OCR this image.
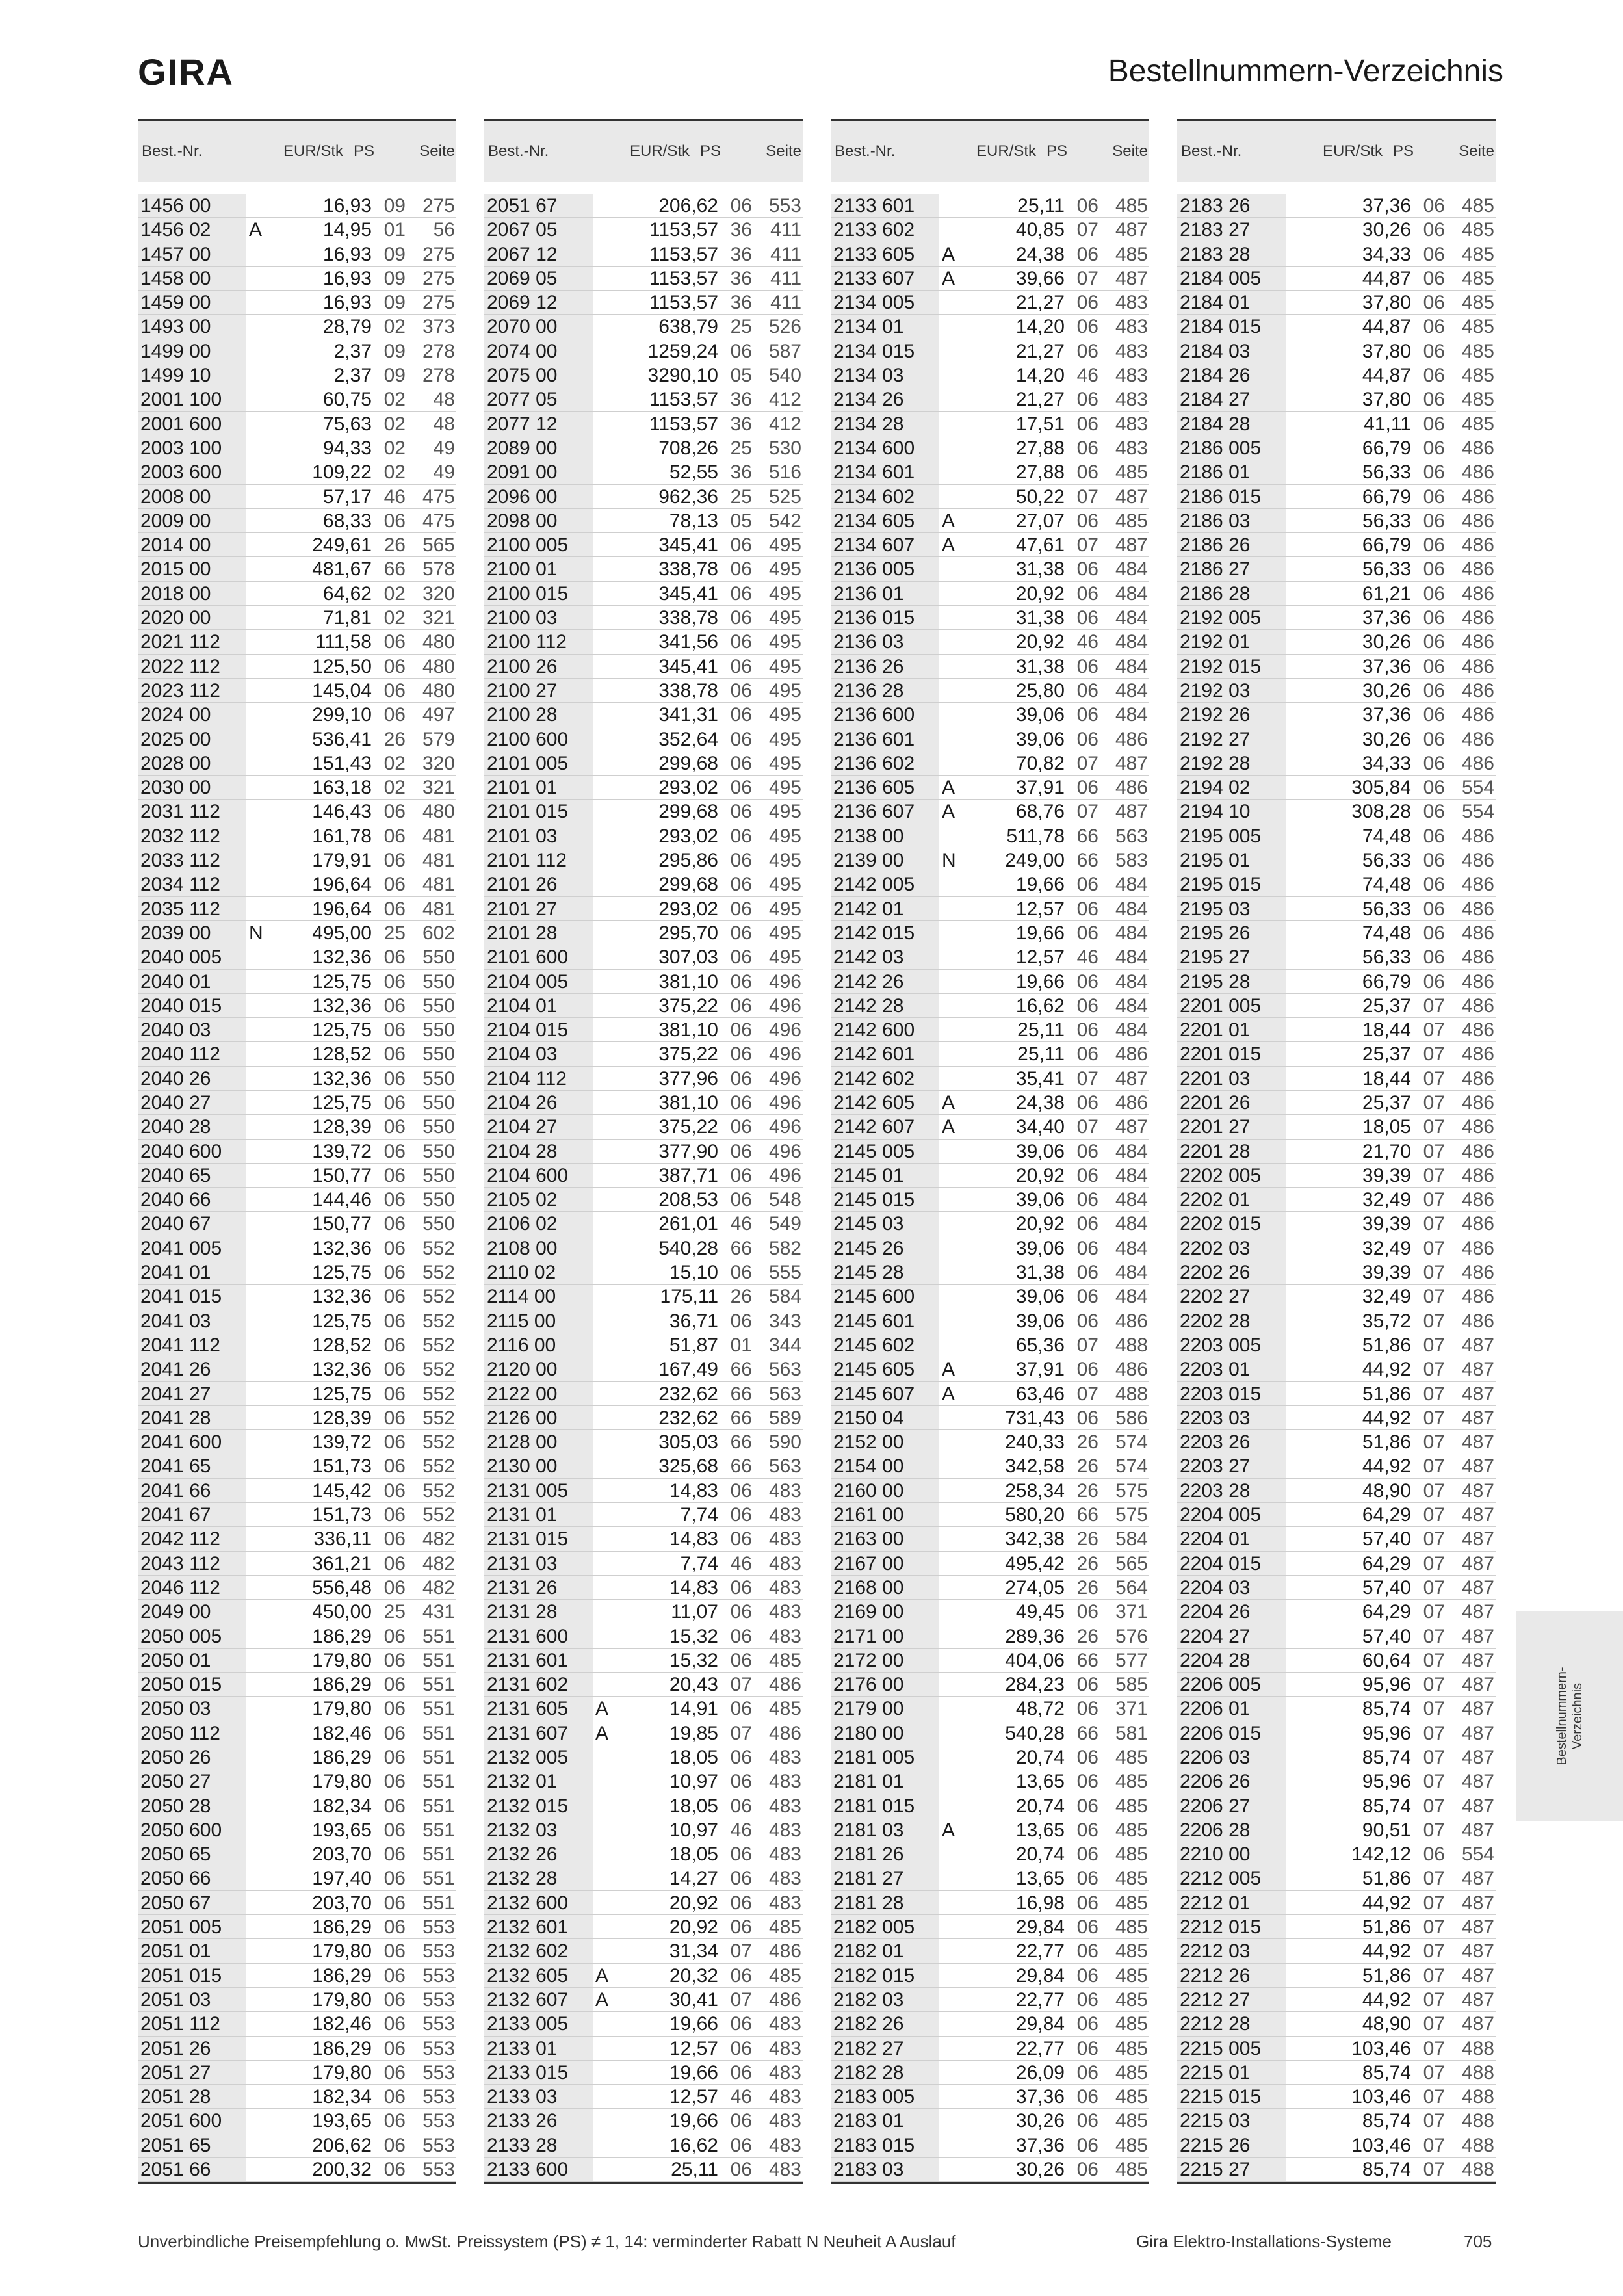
GIRA	Bestellnummern-Verzeichnis
Best.-Nr.	EUR/Stk PS	Seite
1456 00	16,93 09 275
1456 02	A	14,95 01	56
1457 00	16,93 09 275
1458 00	16,93 09 275
1459 00	16,93 09 275
1493 00	28,79 02 373
1499 00	2,37 09 278
1499 10	2,37 09 278
2001 100	60,75 02	48
2001 600	75,63 02	48
2003 100	94,33 02	49
2003 600	109,22 02	49
2008 00	57,17 46 475
2009 00	68,33 06 475
2014 00	249,61 26 565
2015 00	481,67 66 578
2018 00	64,62 02 320
2020 00	71,81 02 321
2021 112	111,58 06 480
2022 112	125,50 06 480
2023 112	145,04 06 480
2024 00	299,10 06 497
2025 00	536,41 26 579
2028 00	151,43 02 320
2030 00	163,18 02 321
2031 112	146,43 06 480
2032 112	161,78 06 481
2033 112	179,91 06 481
2034 112	196,64 06 481
2035 112	196,64 06 481
2039 00	N	495,00 25 602
2040 005	132,36 06 550
2040 01	125,75 06 550
2040 015	132,36 06 550
2040 03	125,75 06 550
2040 112	128,52 06 550
2040 26	132,36 06 550
2040 27	125,75 06 550
2040 28	128,39 06 550
2040 600	139,72 06 550
2040 65	150,77 06 550
2040 66	144,46 06 550
2040 67	150,77 06 550
2041 005	132,36 06 552
2041 01	125,75 06 552
2041 015	132,36 06 552
2041 03	125,75 06 552
2041 112	128,52 06 552
2041 26	132,36 06 552
2041 27	125,75 06 552
2041 28	128,39 06 552
2041 600	139,72 06 552
2041 65	151,73 06 552
2041 66	145,42 06 552
2041 67	151,73 06 552
2042 112	336,11 06 482
2043 112	361,21 06 482
2046 112	556,48 06 482
2049 00	450,00 25 431
2050 005	186,29 06 551
2050 01	179,80 06 551
2050 015	186,29 06 551
2050 03	179,80 06 551
2050 112	182,46 06 551
2050 26	186,29 06 551
2050 27	179,80 06 551
2050 28	182,34 06 551
2050 600	193,65 06 551
2050 65	203,70 06 551
2050 66	197,40 06 551
2050 67	203,70 06 551
2051 005	186,29 06 553
2051 01	179,80 06 553
2051 015	186,29 06 553
2051 03	179,80 06 553
2051 112	182,46 06 553
2051 26	186,29 06 553
2051 27	179,80 06 553
2051 28	182,34 06 553
2051 600	193,65 06 553
2051 65	206,62 06 553
2051 66	200,32 06 553
Best.-Nr.	EUR/Stk PS	Seite
2051 67	206,62 06 553
2067 05	1153,57 36 411
2067 12	1153,57 36 411
2069 05	1153,57 36 411
2069 12	1153,57 36 411
2070 00	638,79 25 526
2074 00	1259,24 06 587
2075 00	3290,10 05 540
2077 05	1153,57 36 412
2077 12	1153,57 36 412
2089 00	708,26 25 530
2091 00	52,55 36 516
2096 00	962,36 25 525
2098 00	78,13 05 542
2100 005	345,41 06 495
2100 01	338,78 06 495
2100 015	345,41 06 495
2100 03	338,78 06 495
2100 112	341,56 06 495
2100 26	345,41 06 495
2100 27	338,78 06 495
2100 28	341,31 06 495
2100 600	352,64 06 495
2101 005	299,68 06 495
2101 01	293,02 06 495
2101 015	299,68 06 495
2101 03	293,02 06 495
2101 112	295,86 06 495
2101 26	299,68 06 495
2101 27	293,02 06 495
2101 28	295,70 06 495
2101 600	307,03 06 495
2104 005	381,10 06 496
2104 01	375,22 06 496
2104 015	381,10 06 496
2104 03	375,22 06 496
2104 112	377,96 06 496
2104 26	381,10 06 496
2104 27	375,22 06 496
2104 28	377,90 06 496
2104 600	387,71 06 496
2105 02	208,53 06 548
2106 02	261,01 46 549
2108 00	540,28 66 582
2110 02	15,10 06 555
2114 00	175,11 26 584
2115 00	36,71 06 343
2116 00	51,87 01 344
2120 00	167,49 66 563
2122 00	232,62 66 563
2126 00	232,62 66 589
2128 00	305,03 66 590
2130 00	325,68 66 563
2131 005	14,83 06 483
2131 01	7,74 06 483
2131 015	14,83 06 483
2131 03	7,74 46 483
2131 26	14,83 06 483
2131 28	11,07 06 483
2131 600	15,32 06 483
2131 601	15,32 06 485
2131 602	20,43 07 486
2131 605	A	14,91 06 485
2131 607	A	19,85 07 486
2132 005	18,05 06 483
2132 01	10,97 06 483
2132 015	18,05 06 483
2132 03	10,97 46 483
2132 26	18,05 06 483
2132 28	14,27 06 483
2132 600	20,92 06 483
2132 601	20,92 06 485
2132 602	31,34 07 486
2132 605	A	20,32 06 485
2132 607	A	30,41 07 486
2133 005	19,66 06 483
2133 01	12,57 06 483
2133 015	19,66 06 483
2133 03	12,57 46 483
2133 26	19,66 06 483
2133 28	16,62 06 483
2133 600	25,11 06 483
Best.-Nr.	EUR/Stk PS	Seite
2133 601	25,11 06 485
2133 602	40,85 07 487
2133 605	A	24,38 06 485
2133 607	A	39,66 07 487
2134 005	21,27 06 483
2134 01	14,20 06 483
2134 015	21,27 06 483
2134 03	14,20 46 483
2134 26	21,27 06 483
2134 28	17,51 06 483
2134 600	27,88 06 483
2134 601	27,88 06 485
2134 602	50,22 07 487
2134 605	A	27,07 06 485
2134 607	A	47,61 07 487
2136 005	31,38 06 484
2136 01	20,92 06 484
2136 015	31,38 06 484
2136 03	20,92 46 484
2136 26	31,38 06 484
2136 28	25,80 06 484
2136 600	39,06 06 484
2136 601	39,06 06 486
2136 602	70,82 07 487
2136 605	A	37,91 06 486
2136 607	A	68,76 07 487
2138 00	511,78 66 563
2139 00	N	249,00 66 583
2142 005	19,66 06 484
2142 01	12,57 06 484
2142 015	19,66 06 484
2142 03	12,57 46 484
2142 26	19,66 06 484
2142 28	16,62 06 484
2142 600	25,11 06 484
2142 601	25,11 06 486
2142 602	35,41 07 487
2142 605	A	24,38 06 486
2142 607	A	34,40 07 487
2145 005	39,06 06 484
2145 01	20,92 06 484
2145 015	39,06 06 484
2145 03	20,92 06 484
2145 26	39,06 06 484
2145 28	31,38 06 484
2145 600	39,06 06 484
2145 601	39,06 06 486
2145 602	65,36 07 488
2145 605	A	37,91 06 486
2145 607	A	63,46 07 488
2150 04	731,43 06 586
2152 00	240,33 26 574
2154 00	342,58 26 574
2160 00	258,34 26 575
2161 00	580,20 66 575
2163 00	342,38 26 584
2167 00	495,42 26 565
2168 00	274,05 26 564
2169 00	49,45 06 371
2171 00	289,36 26 576
2172 00	404,06 66 577
2176 00	284,23 06 585
2179 00	48,72 06 371
2180 00	540,28 66 581
2181 005	20,74 06 485
2181 01	13,65 06 485
2181 015	20,74 06 485
2181 03	A	13,65 06 485
2181 26	20,74 06 485
2181 27	13,65 06 485
2181 28	16,98 06 485
2182 005	29,84 06 485
2182 01	22,77 06 485
2182 015	29,84 06 485
2182 03	22,77 06 485
2182 26	29,84 06 485
2182 27	22,77 06 485
2182 28	26,09 06 485
2183 005	37,36 06 485
2183 01	30,26 06 485
2183 015	37,36 06 485
2183 03	30,26 06 485
Best.-Nr.	EUR/Stk PS	Seite
2183 26	37,36 06 485
2183 27	30,26 06 485
2183 28	34,33 06 485
2184 005	44,87 06 485
2184 01	37,80 06 485
2184 015	44,87 06 485
2184 03	37,80 06 485
2184 26	44,87 06 485
2184 27	37,80 06 485
2184 28	41,11 06 485
2186 005	66,79 06 486
2186 01	56,33 06 486
2186 015	66,79 06 486
2186 03	56,33 06 486
2186 26	66,79 06 486
2186 27	56,33 06 486
2186 28	61,21 06 486
2192 005	37,36 06 486
2192 01	30,26 06 486
2192 015	37,36 06 486
2192 03	30,26 06 486
2192 26	37,36 06 486
2192 27	30,26 06 486
2192 28	34,33 06 486
2194 02	305,84 06 554
2194 10	308,28 06 554
2195 005	74,48 06 486
2195 01	56,33 06 486
2195 015	74,48 06 486
2195 03	56,33 06 486
2195 26	74,48 06 486
2195 27	56,33 06 486
2195 28	66,79 06 486
2201 005	25,37 07 486
2201 01	18,44 07 486
2201 015	25,37 07 486
2201 03	18,44 07 486
2201 26	25,37 07 486
2201 27	18,05 07 486
2201 28	21,70 07 486
2202 005	39,39 07 486
2202 01	32,49 07 486
2202 015	39,39 07 486
2202 03	32,49 07 486
2202 26	39,39 07 486
2202 27	32,49 07 486
2202 28	35,72 07 486
2203 005	51,86 07 487
2203 01	44,92 07 487
2203 015	51,86 07 487
2203 03	44,92 07 487
2203 26	51,86 07 487
2203 27	44,92 07 487
2203 28	48,90 07 487
2204 005	64,29 07 487
2204 01	57,40 07 487
2204 015	64,29 07 487
2204 03	57,40 07 487
2204 26	64,29 07 487
2204 27	57,40 07 487
2204 28	60,64 07 487
2206 005	95,96 07 487
2206 01	85,74 07 487
2206 015	95,96 07 487
2206 03	85,74 07 487
2206 26	95,96 07 487
2206 27	85,74 07 487
2206 28	90,51 07 487
2210 00	142,12 06 554
2212 005	51,86 07 487
2212 01	44,92 07 487
2212 015	51,86 07 487
2212 03	44,92 07 487
2212 26	51,86 07 487
2212 27	44,92 07 487
2212 28	48,90 07 487
2215 005	103,46 07 488
2215 01	85,74 07 488
2215 015	103,46 07 488
2215 03	85,74 07 488
2215 26	103,46 07 488
2215 27	85,74 07 488
Bestellnummern-
Verzeichnis
Unverbindliche Preisempfehlung o. MwSt. Preissystem (PS) ≠ 1, 14: verminderter Rabatt N Neuheit A Auslauf	Gira Elektro-Installations-Systeme	705
